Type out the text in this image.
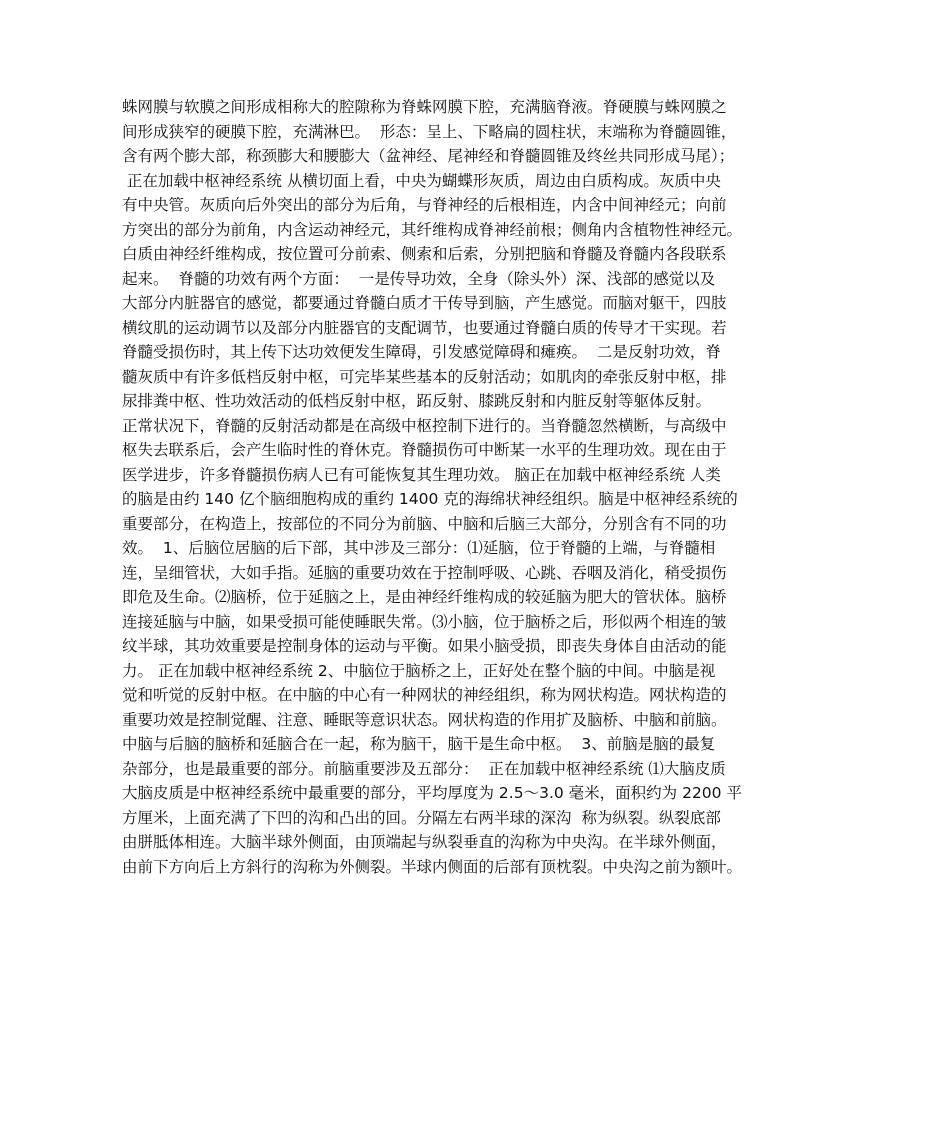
蛛网膜与软膜之间形成相称大的腔隙称为脊蛛网膜下腔，充满脑脊液。脊硬膜与蛛网膜之
间形成狭窄的硬膜下腔，充满淋巴。  形态：呈上、下略扁的圆柱状，末端称为脊髓圆锥，
含有两个膨大部，称颈膨大和腰膨大（盆神经、尾神经和脊髓圆锥及终丝共同形成马尾）；
正在加载中枢神经系统 从横切面上看，中央为蝴蝶形灰质，周边由白质构成。灰质中央
有中央管。灰质向后外突出的部分为后角，与脊神经的后根相连，内含中间神经元；向前
方突出的部分为前角，内含运动神经元，其纤维构成脊神经前根；侧角内含植物性神经元。
白质由神经纤维构成，按位置可分前索、侧索和后索，分别把脑和脊髓及脊髓内各段联系
起来。  脊髓的功效有两个方面：  一是传导功效，全身（除头外）深、浅部的感觉以及
大部分内脏器官的感觉，都要通过脊髓白质才干传导到脑，产生感觉。而脑对躯干，四肢
横纹肌的运动调节以及部分内脏器官的支配调节，也要通过脊髓白质的传导才干实现。若
脊髓受损伤时，其上传下达功效便发生障碍，引发感觉障碍和瘫痪。  二是反射功效，脊
髓灰质中有许多低档反射中枢，可完毕某些基本的反射活动；如肌肉的牵张反射中枢，排
尿排粪中枢、性功效活动的低档反射中枢，跖反射、膝跳反射和内脏反射等躯体反射。
正常状况下，脊髓的反射活动都是在高级中枢控制下进行的。当脊髓忽然横断，与高级中
枢失去联系后，会产生临时性的脊休克。脊髓损伤可中断某一水平的生理功效。现在由于
医学进步，许多脊髓损伤病人已有可能恢复其生理功效。 脑正在加载中枢神经系统 人类
的脑是由约 140 亿个脑细胞构成的重约 1400 克的海绵状神经组织。脑是中枢神经系统的
重要部分，在构造上，按部位的不同分为前脑、中脑和后脑三大部分，分别含有不同的功
效。  1、后脑位居脑的后下部，其中涉及三部分：⑴延脑，位于脊髓的上端，与脊髓相
连，呈细管状，大如手指。延脑的重要功效在于控制呼吸、心跳、吞咽及消化，稍受损伤
即危及生命。⑵脑桥，位于延脑之上，是由神经纤维构成的较延脑为肥大的管状体。脑桥
连接延脑与中脑，如果受损可能使睡眠失常。⑶小脑，位于脑桥之后，形似两个相连的皱
纹半球，其功效重要是控制身体的运动与平衡。如果小脑受损，即丧失身体自由活动的能
力。 正在加载中枢神经系统 2、中脑位于脑桥之上，正好处在整个脑的中间。中脑是视
觉和听觉的反射中枢。在中脑的中心有一种网状的神经组织，称为网状构造。网状构造的
重要功效是控制觉醒、注意、睡眠等意识状态。网状构造的作用扩及脑桥、中脑和前脑。
中脑与后脑的脑桥和延脑合在一起，称为脑干，脑干是生命中枢。  3、前脑是脑的最复
杂部分，也是最重要的部分。前脑重要涉及五部分：  正在加载中枢神经系统 ⑴大脑皮质
大脑皮质是中枢神经系统中最重要的部分，平均厚度为 2.5～3.0 毫米，面积约为 2200 平
方厘米，上面充满了下凹的沟和凸出的回。分隔左右两半球的深沟  称为纵裂。纵裂底部
由胼胝体相连。大脑半球外侧面，由顶端起与纵裂垂直的沟称为中央沟。在半球外侧面，
由前下方向后上方斜行的沟称为外侧裂。半球内侧面的后部有顶枕裂。中央沟之前为额叶。
